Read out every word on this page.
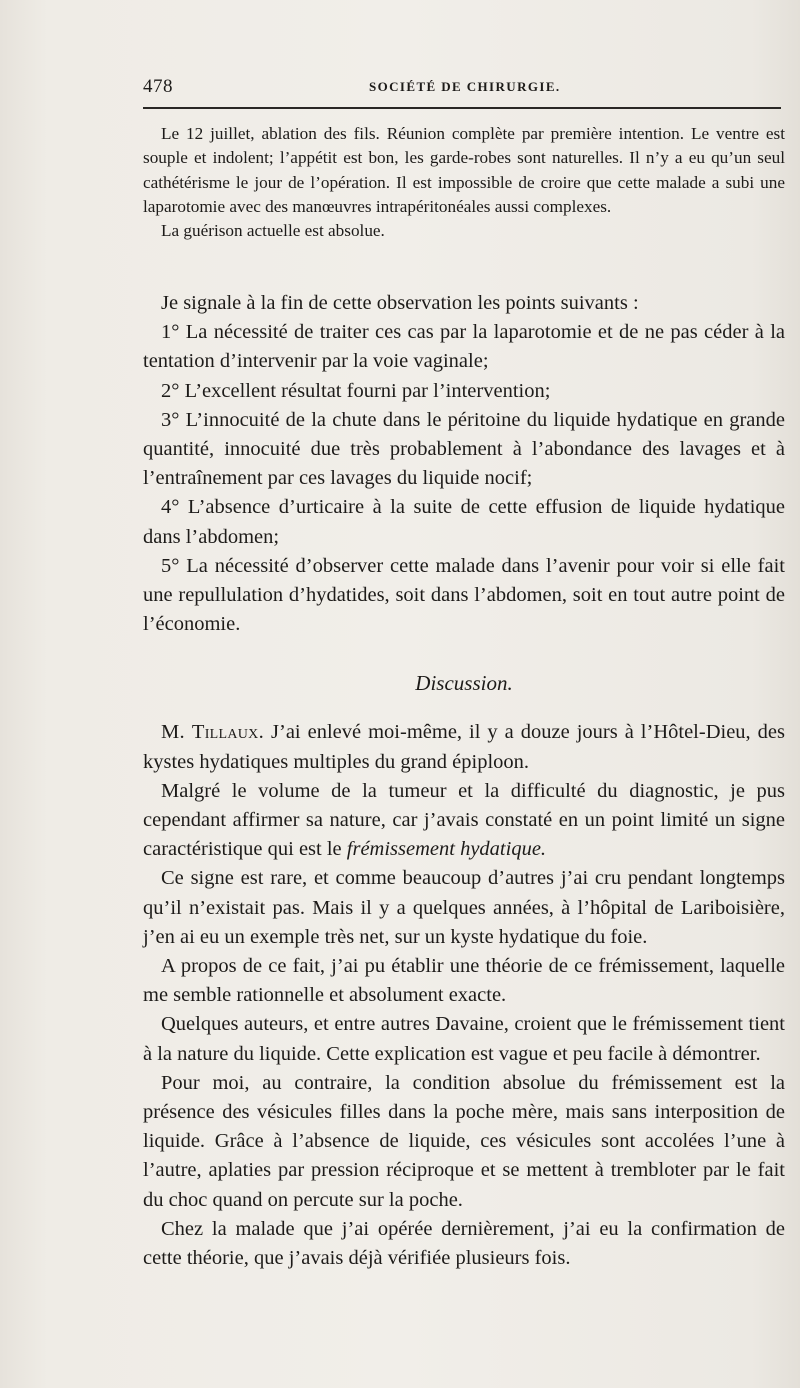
478	SOCIÉTÉ DE CHIRURGIE.

Le 12 juillet, ablation des fils. Réunion complète par première intention. Le ventre est souple et indolent; l’appétit est bon, les garde-robes sont naturelles. Il n’y a eu qu’un seul cathétérisme le jour de l’opération. Il est impossible de croire que cette malade a subi une laparotomie avec des manœuvres intrapéritonéales aussi complexes.

La guérison actuelle est absolue.

Je signale à la fin de cette observation les points suivants :

1° La nécessité de traiter ces cas par la laparotomie et de ne pas céder à la tentation d’intervenir par la voie vaginale;

2° L’excellent résultat fourni par l’intervention;

3° L’innocuité de la chute dans le péritoine du liquide hydatique en grande quantité, innocuité due très probablement à l’abondance des lavages et à l’entraînement par ces lavages du liquide nocif;

4° L’absence d’urticaire à la suite de cette effusion de liquide hydatique dans l’abdomen;

5° La nécessité d’observer cette malade dans l’avenir pour voir si elle fait une repullulation d’hydatides, soit dans l’abdomen, soit en tout autre point de l’économie.

Discussion.

M. Tillaux. J’ai enlevé moi-même, il y a douze jours à l’Hôtel-Dieu, des kystes hydatiques multiples du grand épiploon.

Malgré le volume de la tumeur et la difficulté du diagnostic, je pus cependant affirmer sa nature, car j’avais constaté en un point limité un signe caractéristique qui est le frémissement hydatique.

Ce signe est rare, et comme beaucoup d’autres j’ai cru pendant longtemps qu’il n’existait pas. Mais il y a quelques années, à l’hôpital de Lariboisière, j’en ai eu un exemple très net, sur un kyste hydatique du foie.

A propos de ce fait, j’ai pu établir une théorie de ce frémissement, laquelle me semble rationnelle et absolument exacte.

Quelques auteurs, et entre autres Davaine, croient que le frémissement tient à la nature du liquide. Cette explication est vague et peu facile à démontrer.

Pour moi, au contraire, la condition absolue du frémissement est la présence des vésicules filles dans la poche mère, mais sans interposition de liquide. Grâce à l’absence de liquide, ces vésicules sont accolées l’une à l’autre, aplaties par pression réciproque et se mettent à trembloter par le fait du choc quand on percute sur la poche.

Chez la malade que j’ai opérée dernièrement, j’ai eu la confirmation de cette théorie, que j’avais déjà vérifiée plusieurs fois.
